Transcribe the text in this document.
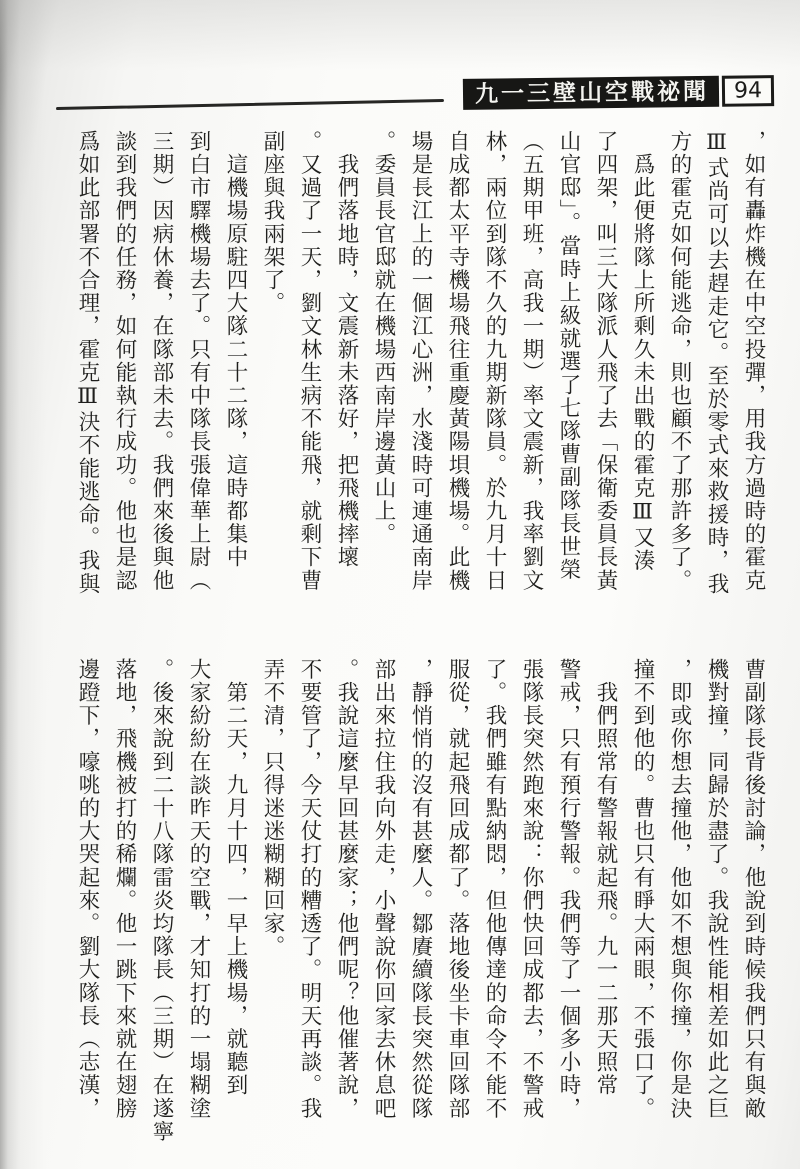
九一三壁山空戰祕聞	94
，如有轟炸機在中空投彈，用我方過時的霍克
Ⅲ式尚可以去趕走它。至於零式來救援時，我
方的霍克如何能逃命，則也顧不了那許多了。
　爲此便將隊上所剩久未出戰的霍克Ⅲ又湊
了四架，叫三大隊派人飛了去「保衛委員長黃
山官邸」。當時上級就選了七隊曹副隊長世榮
（五期甲班，高我一期）率文震新，我率劉文
林，兩位到隊不久的九期新隊員。於九月十日
自成都太平寺機場飛往重慶黃陽垻機場。此機
場是長江上的一個江心洲，水淺時可連通南岸
。委員長官邸就在機場西南岸邊黃山上。
　我們落地時，文震新未落好，把飛機摔壞
。又過了一天，劉文林生病不能飛，就剩下曹
副座與我兩架了。
　這機場原駐四大隊二十二隊，這時都集中
到白市驛機場去了。只有中隊長張偉華上尉（
三期）因病休養，在隊部未去。我們來後與他
談到我們的任務，如何能執行成功。他也是認
爲如此部署不合理，霍克Ⅲ決不能逃命。我與
曹副隊長背後討論，他說到時候我們只有與敵
機對撞，同歸於盡了。我說性能相差如此之巨
，即或你想去撞他，他如不想與你撞，你是決
撞不到他的。曹也只有睜大兩眼，不張口了。
　我們照常有警報就起飛。九一二那天照常
警戒，只有預行警報。我們等了一個多小時，
張隊長突然跑來說：你們快回成都去，不警戒
了。我們雖有點納悶，但他傳達的命令不能不
服從，就起飛回成都了。落地後坐卡車回隊部
，靜悄悄的沒有甚麼人。鄒賡續隊長突然從隊
部出來拉住我向外走，小聲說你回家去休息吧
。我說這麼早回甚麼家；他們呢？他催著說，
不要管了，今天仗打的糟透了。明天再談。我
弄不清，只得迷迷糊糊回家。
　第二天，九月十四，一早上機場，就聽到
大家紛紛在談昨天的空戰，才知打的一塌糊塗
。後來說到二十八隊雷炎均隊長（三期）在遂寧
落地，飛機被打的稀爛。他一跳下來就在翅膀
邊蹬下，嚎咷的大哭起來。劉大隊長（志漢，
